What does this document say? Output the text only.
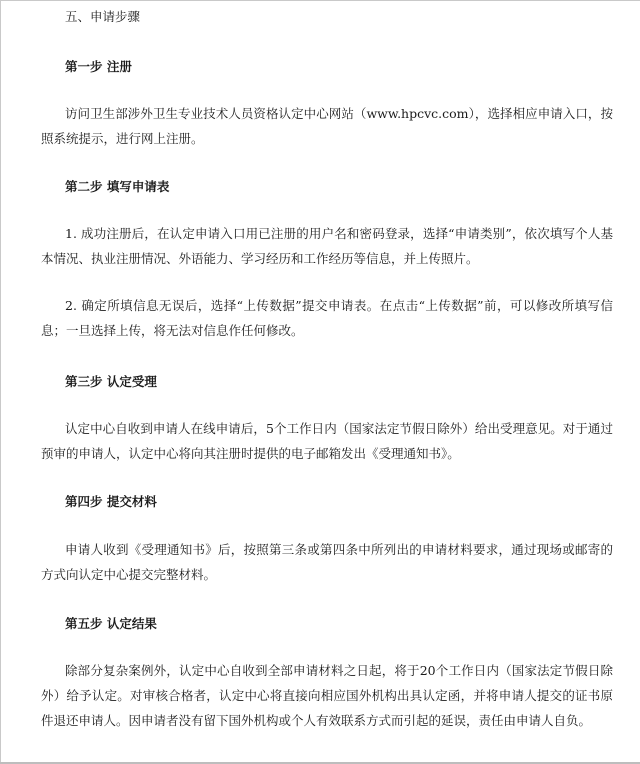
五、申请步骤
第一步 注册

访问卫生部涉外卫生专业技术人员资格认定中心网站（www.hpcvc.com），选择相应申请入口，按照系统提示，进行网上注册。

第二步 填写申请表

1. 成功注册后，在认定申请入口用已注册的用户名和密码登录，选择“申请类别”，依次填写个人基本情况、执业注册情况、外语能力、学习经历和工作经历等信息，并上传照片。

2. 确定所填信息无误后，选择“上传数据”提交申请表。在点击“上传数据”前，可以修改所填写信息；一旦选择上传，将无法对信息作任何修改。

第三步 认定受理

认定中心自收到申请人在线申请后，5个工作日内（国家法定节假日除外）给出受理意见。对于通过预审的申请人，认定中心将向其注册时提供的电子邮箱发出《受理通知书》。

第四步 提交材料

申请人收到《受理通知书》后，按照第三条或第四条中所列出的申请材料要求，通过现场或邮寄的方式向认定中心提交完整材料。

第五步 认定结果

除部分复杂案例外，认定中心自收到全部申请材料之日起，将于20个工作日内（国家法定节假日除外）给予认定。对审核合格者，认定中心将直接向相应国外机构出具认定函，并将申请人提交的证书原件退还申请人。因申请者没有留下国外机构或个人有效联系方式而引起的延误，责任由申请人自负。
